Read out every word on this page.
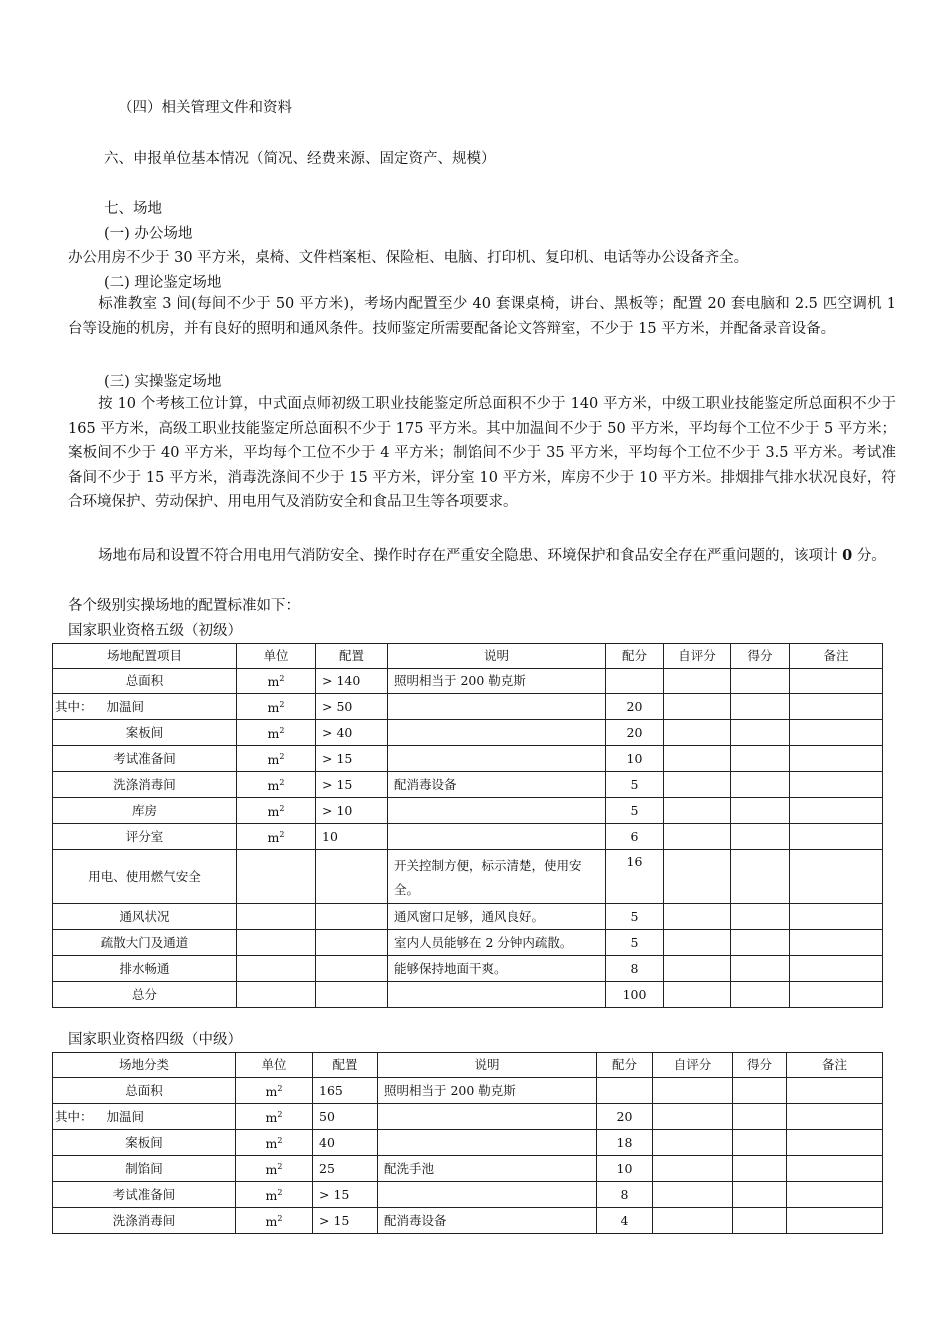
（四）相关管理文件和资料
六、申报单位基本情况（简况、经费来源、固定资产、规模）
七、场地
(一) 办公场地
办公用房不少于 30 平方米，桌椅、文件档案柜、保险柜、电脑、打印机、复印机、电话等办公设备齐全。
(二) 理论鉴定场地
标准教室 3 间(每间不少于 50 平方米)，考场内配置至少 40 套课桌椅，讲台、黑板等；配置 20 套电脑和 2.5 匹空调机 1 台等设施的机房，并有良好的照明和通风条件。技师鉴定所需要配备论文答辩室，不少于 15 平方米，并配备录音设备。
(三) 实操鉴定场地
按 10 个考核工位计算，中式面点师初级工职业技能鉴定所总面积不少于 140 平方米，中级工职业技能鉴定所总面积不少于 165 平方米，高级工职业技能鉴定所总面积不少于 175 平方米。其中加温间不少于 50 平方米，平均每个工位不少于 5 平方米；案板间不少于 40 平方米，平均每个工位不少于 4 平方米；制馅间不少于 35 平方米，平均每个工位不少于 3.5 平方米。考试准备间不少于 15 平方米，消毒洗涤间不少于 15 平方米，评分室 10 平方米，库房不少于 10 平方米。排烟排气排水状况良好，符合环境保护、劳动保护、用电用气及消防安全和食品卫生等各项要求。
场地布局和设置不符合用电用气消防安全、操作时存在严重安全隐患、环境保护和食品安全存在严重问题的，该项计 0 分。
各个级别实操场地的配置标准如下：
国家职业资格五级（初级）
场地配置项目	单位	配置	说明	配分	自评分	得分	备注
总面积	$m^2$	> 140	照明相当于 200 勒克斯				
其中： 加温间	$m^2$	> 50		20			
案板间	$m^2$	> 40		20			
考试准备间	$m^2$	> 15		10			
洗涤消毒间	$m^2$	> 15	配消毒设备	5			
库房	$m^2$	> 10		5			
评分室	$m^2$	10		6			
用电、使用燃气安全			开关控制方便，标示清楚，使用安全。	16			
通风状况			通风窗口足够，通风良好。	5			
疏散大门及通道			室内人员能够在 2 分钟内疏散。	5			
排水畅通			能够保持地面干爽。	8			
总分				100			
国家职业资格四级（中级）
场地分类	单位	配置	说明	配分	自评分	得分	备注
总面积	$m^2$	165	照明相当于 200 勒克斯				
其中： 加温间	$m^2$	50		20			
案板间	$m^2$	40		18			
制馅间	$m^2$	25	配洗手池	10			
考试准备间	$m^2$	> 15		8			
洗涤消毒间	$m^2$	> 15	配消毒设备	4			
